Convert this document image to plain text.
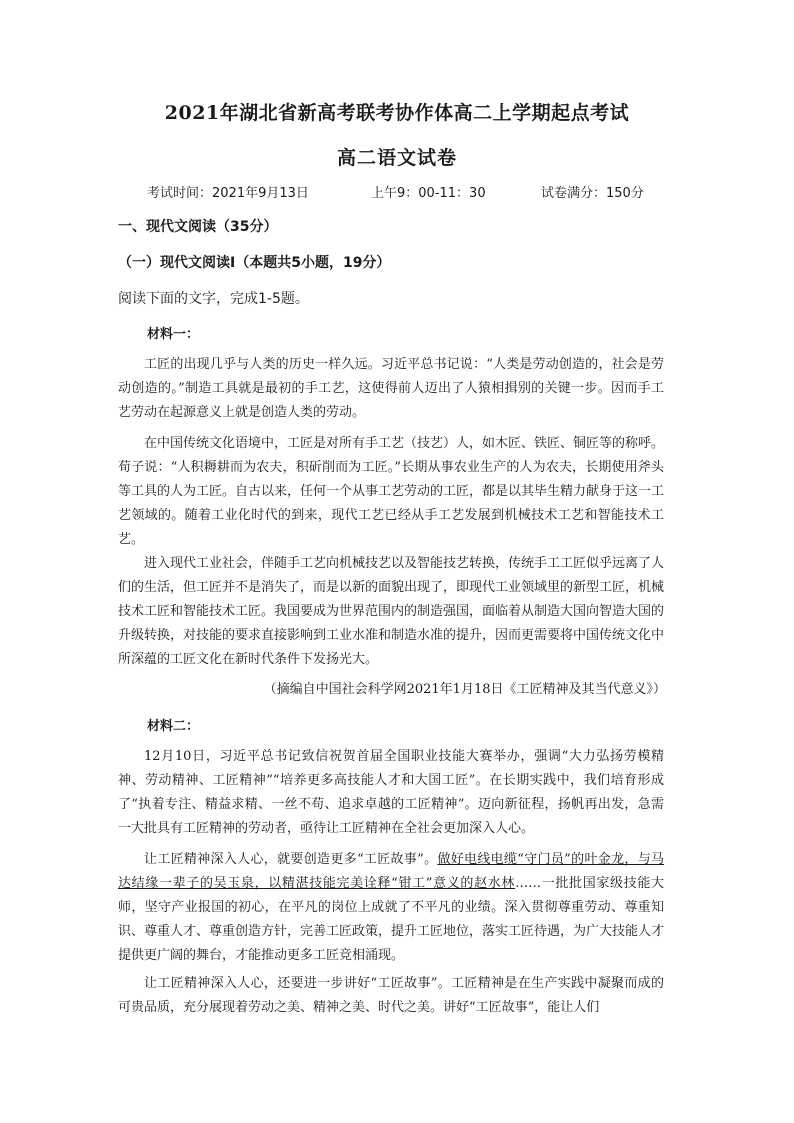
2021年湖北省新高考联考协作体高二上学期起点考试
高二语文试卷
考试时间：2021年9月13日	上午9：00-11：30	试卷满分：150分
一、现代文阅读（35分）
（一）现代文阅读Ⅰ（本题共5小题，19分）
阅读下面的文字，完成1-5题。
材料一：

工匠的出现几乎与人类的历史一样久远。习近平总书记说：“人类是劳动创造的，社会是劳动创造的。”制造工具就是最初的手工艺，这使得前人迈出了人猿相揖别的关键一步。因而手工艺劳动在起源意义上就是创造人类的劳动。

在中国传统文化语境中，工匠是对所有手工艺（技艺）人，如木匠、铁匠、铜匠等的称呼。荀子说：“人积耨耕而为农夫，积斫削而为工匠。”长期从事农业生产的人为农夫，长期使用斧头等工具的人为工匠。自古以来，任何一个从事工艺劳动的工匠，都是以其毕生精力献身于这一工艺领域的。随着工业化时代的到来，现代工艺已经从手工艺发展到机械技术工艺和智能技术工艺。

进入现代工业社会，伴随手工艺向机械技艺以及智能技艺转换，传统手工工匠似乎远离了人们的生活，但工匠并不是消失了，而是以新的面貌出现了，即现代工业领域里的新型工匠，机械技术工匠和智能技术工匠。我国要成为世界范围内的制造强国，面临着从制造大国向智造大国的升级转换，对技能的要求直接影响到工业水准和制造水准的提升，因而更需要将中国传统文化中所深蕴的工匠文化在新时代条件下发扬光大。

（摘编自中国社会科学网2021年1月18日《工匠精神及其当代意义》）
材料二：

12月10日，习近平总书记致信祝贺首届全国职业技能大赛举办，强调“大力弘扬劳模精神、劳动精神、工匠精神”“培养更多高技能人才和大国工匠”。在长期实践中，我们培育形成了“执着专注、精益求精、一丝不苟、追求卓越的工匠精神”。迈向新征程，扬帆再出发，急需一大批具有工匠精神的劳动者，亟待让工匠精神在全社会更加深入人心。

让工匠精神深入人心，就要创造更多“工匠故事”。做好电线电缆“守门员”的叶金龙，与马达结缘一辈子的吴玉泉，以精湛技能完美诠释“钳工”意义的赵水林……一批批国家级技能大师，坚守产业报国的初心，在平凡的岗位上成就了不平凡的业绩。深入贯彻尊重劳动、尊重知识、尊重人才、尊重创造方针，完善工匠政策，提升工匠地位，落实工匠待遇，为广大技能人才提供更广阔的舞台，才能推动更多工匠竞相涌现。

让工匠精神深入人心，还要进一步讲好“工匠故事”。工匠精神是在生产实践中凝聚而成的可贵品质，充分展现着劳动之美、精神之美、时代之美。讲好“工匠故事”，能让人们
